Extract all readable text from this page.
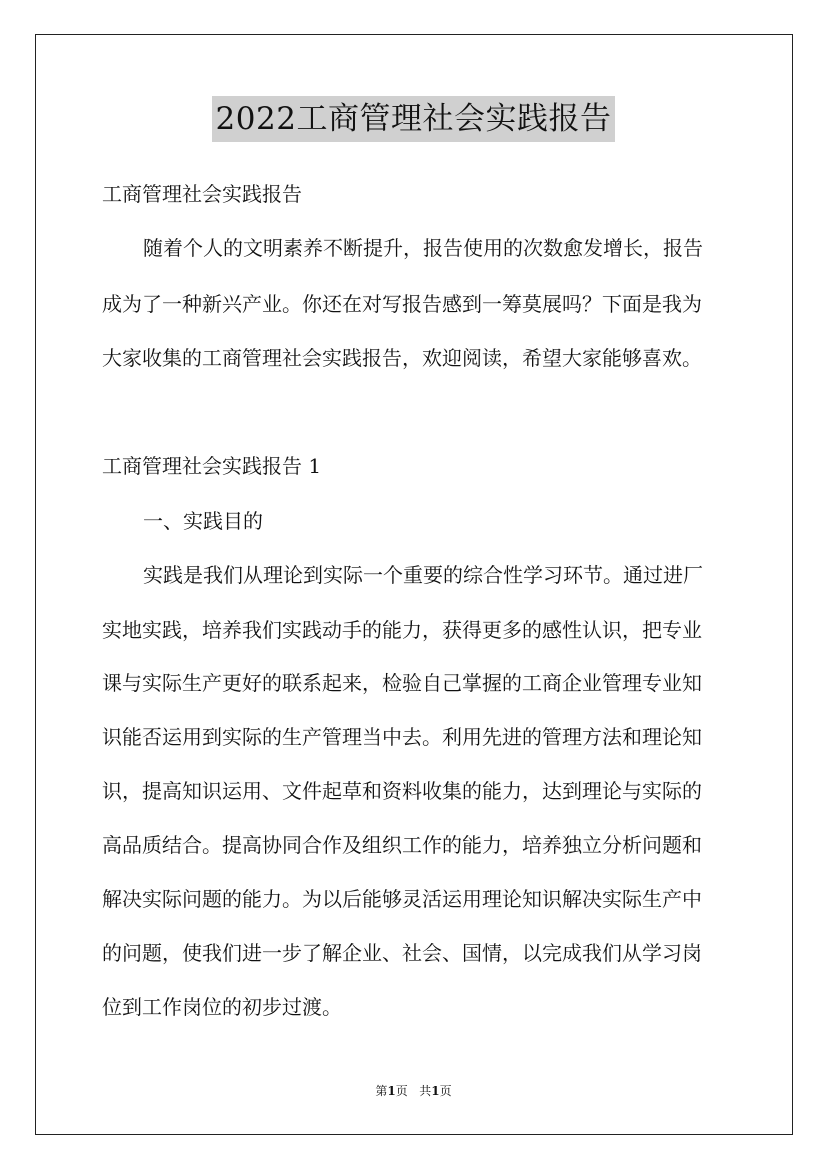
2022工商管理社会实践报告
工商管理社会实践报告
随着个人的文明素养不断提升，报告使用的次数愈发增长，报告
成为了一种新兴产业。你还在对写报告感到一筹莫展吗？下面是我为
大家收集的工商管理社会实践报告，欢迎阅读，希望大家能够喜欢。
工商管理社会实践报告 1
一、实践目的
实践是我们从理论到实际一个重要的综合性学习环节。通过进厂
实地实践，培养我们实践动手的能力，获得更多的感性认识，把专业
课与实际生产更好的联系起来，检验自己掌握的工商企业管理专业知
识能否运用到实际的生产管理当中去。利用先进的管理方法和理论知
识，提高知识运用、文件起草和资料收集的能力，达到理论与实际的
高品质结合。提高协同合作及组织工作的能力，培养独立分析问题和
解决实际问题的能力。为以后能够灵活运用理论知识解决实际生产中
的问题，使我们进一步了解企业、社会、国情，以完成我们从学习岗
位到工作岗位的初步过渡。
第1页 共1页
